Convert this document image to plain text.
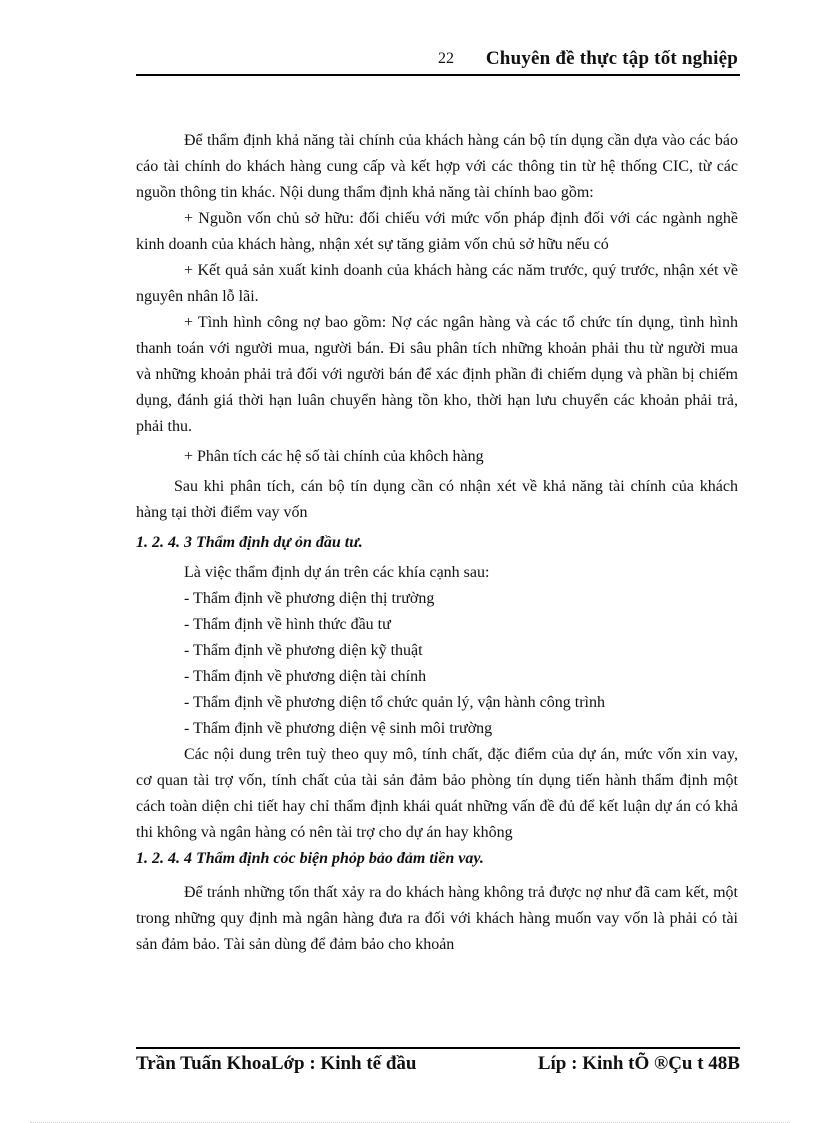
22 Chuyên đề thực tập tốt nghiệp

Để thẩm định khả năng tài chính của khách hàng cán bộ tín dụng cần dựa vào các báo cáo tài chính do khách hàng cung cấp và kết hợp với các thông tin từ hệ thống CIC, từ các nguồn thông tin khác. Nội dung thẩm định khả năng tài chính bao gồm:

+ Nguồn vốn chủ sở hữu: đối chiếu với mức vốn pháp định đối với các ngành nghề kinh doanh của khách hàng, nhận xét sự tăng giảm vốn chủ sở hữu nếu có

+ Kết quả sản xuất kinh doanh của khách hàng các năm trước, quý trước, nhận xét về nguyên nhân lỗ lãi.

+ Tình hình công nợ bao gồm: Nợ các ngân hàng và các tổ chức tín dụng, tình hình thanh toán với người mua, người bán. Đi sâu phân tích những khoản phải thu từ người mua và những khoản phải trả đối với người bán để xác định phần đi chiếm dụng và phần bị chiếm dụng, đánh giá thời hạn luân chuyển hàng tồn kho, thời hạn lưu chuyển các khoản phải trả, phải thu.

+ Phân tích các hệ số tài chính của khôch hàng

Sau khi phân tích, cán bộ tín dụng cần có nhận xét về khả năng tài chính của khách hàng tại thời điểm vay vốn

1. 2. 4. 3 Thẩm định dự ỏn đầu tư.

Là việc thẩm định dự án trên các khía cạnh sau:

- Thẩm định về phương diện thị trường

- Thẩm định về hình thức đầu tư

- Thẩm định về phương diện kỹ thuật

- Thẩm định về phương diện tài chính

- Thẩm định về phương diện tổ chức quản lý, vận hành công trình

- Thẩm định về phương diện vệ sinh môi trường

Các nội dung trên tuỳ theo quy mô, tính chất, đặc điểm của dự án, mức vốn xin vay, cơ quan tài trợ vốn, tính chất của tài sản đảm bảo phòng tín dụng tiến hành thẩm định một cách toàn diện chi tiết hay chỉ thẩm định khái quát những vấn đề đủ để kết luận dự án có khả thi không và ngân hàng có nên tài trợ cho dự án hay không

1. 2. 4. 4 Thẩm định cỏc biện phỏp bảo đảm tiền vay.

Để tránh những tổn thất xảy ra do khách hàng không trả được nợ như đã cam kết, một trong những quy định mà ngân hàng đưa ra đối với khách hàng muốn vay vốn là phải có tài sản đảm bảo. Tài sản dùng để đảm bảo cho khoản

Trần Tuấn KhoaLớp : Kinh tế đầu	Líp : Kinh tÕ ®Çu t 48B
